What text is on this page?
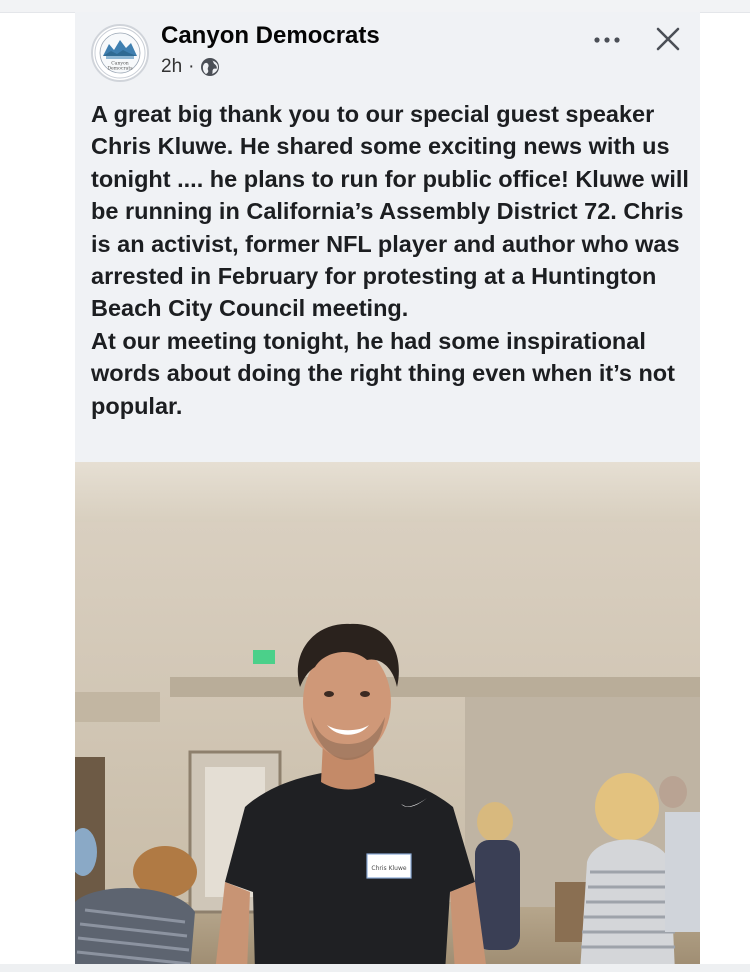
Canyon
Democrats
Canyon Democrats
2h ·

A great big thank you to our special guest speaker Chris Kluwe. He shared some exciting news with us tonight .... he plans to run for public office! Kluwe will be running in California’s Assembly District 72. Chris is an activist, former NFL player and author who was arrested in February for protesting at a Huntington Beach City Council meeting.
At our meeting tonight, he had some inspirational words about doing the right thing even when it’s not popular.

Chris Kluwe
